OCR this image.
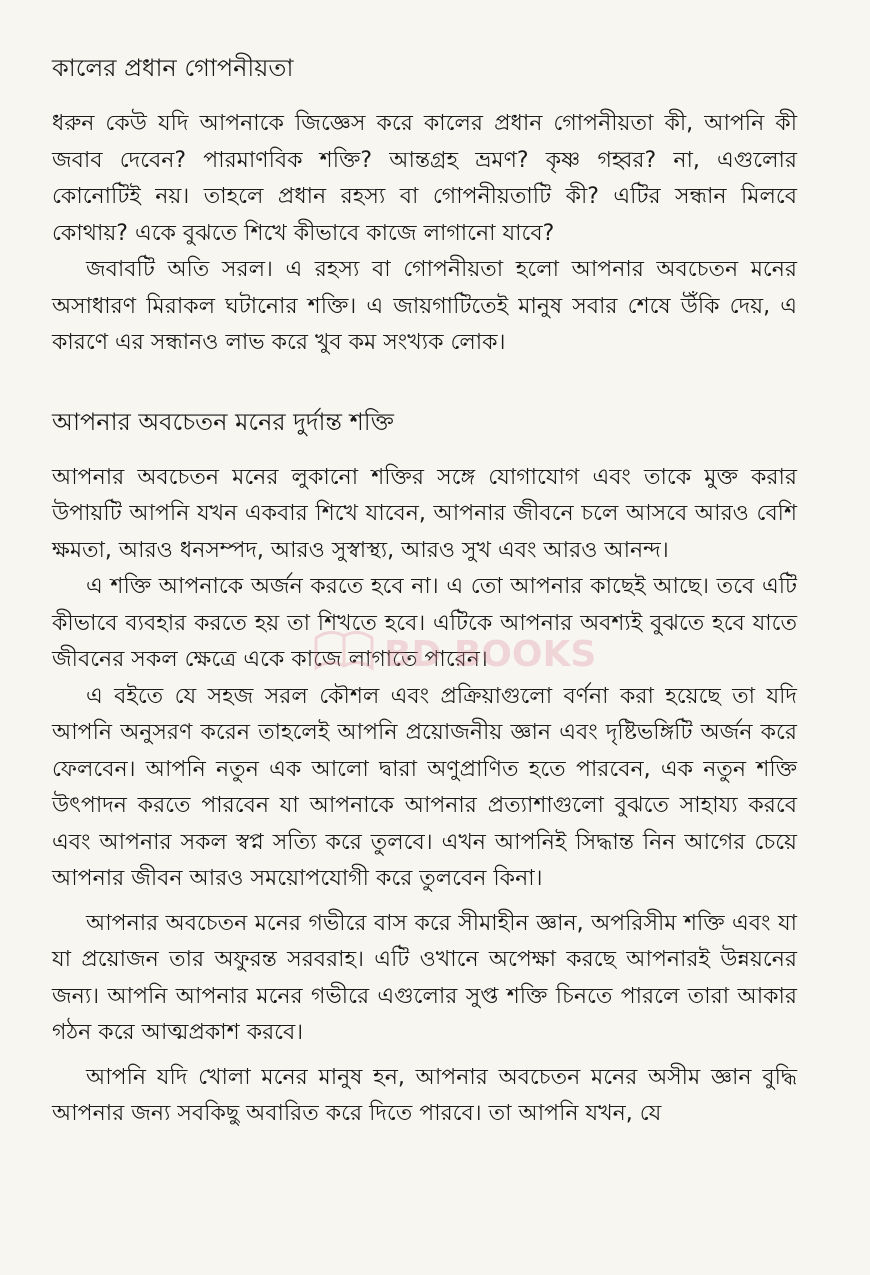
কালের প্রধান গোপনীয়তা

ধরুন কেউ যদি আপনাকে জিজ্ঞেস করে কালের প্রধান গোপনীয়তা কী, আপনি কী জবাব দেবেন? পারমাণবিক শক্তি? আন্তগ্রহ ভ্রমণ? কৃষ্ণ গহ্বর? না, এগুলোর কোনোটিই নয়। তাহলে প্রধান রহস্য বা গোপনীয়তাটি কী? এটির সন্ধান মিলবে কোথায়? একে বুঝতে শিখে কীভাবে কাজে লাগানো যাবে?

জবাবটি অতি সরল। এ রহস্য বা গোপনীয়তা হলো আপনার অবচেতন মনের অসাধারণ মিরাকল ঘটানোর শক্তি। এ জায়গাটিতেই মানুষ সবার শেষে উঁকি দেয়, এ কারণে এর সন্ধানও লাভ করে খুব কম সংখ্যক লোক।

আপনার অবচেতন মনের দুর্দান্ত শক্তি

আপনার অবচেতন মনের লুকানো শক্তির সঙ্গে যোগাযোগ এবং তাকে মুক্ত করার উপায়টি আপনি যখন একবার শিখে যাবেন, আপনার জীবনে চলে আসবে আরও বেশি ক্ষমতা, আরও ধনসম্পদ, আরও সুস্বাস্থ্য, আরও সুখ এবং আরও আনন্দ।

এ শক্তি আপনাকে অর্জন করতে হবে না। এ তো আপনার কাছেই আছে। তবে এটি কীভাবে ব্যবহার করতে হয় তা শিখতে হবে। এটিকে আপনার অবশ্যই বুঝতে হবে যাতে জীবনের সকল ক্ষেত্রে একে কাজে লাগাতে পারেন।

এ বইতে যে সহজ সরল কৌশল এবং প্রক্রিয়াগুলো বর্ণনা করা হয়েছে তা যদি আপনি অনুসরণ করেন তাহলেই আপনি প্রয়োজনীয় জ্ঞান এবং দৃষ্টিভঙ্গিটি অর্জন করে ফেলবেন। আপনি নতুন এক আলো দ্বারা অণুপ্রাণিত হতে পারবেন, এক নতুন শক্তি উৎপাদন করতে পারবেন যা আপনাকে আপনার প্রত্যাশাগুলো বুঝতে সাহায্য করবে এবং আপনার সকল স্বপ্ন সত্যি করে তুলবে। এখন আপনিই সিদ্ধান্ত নিন আগের চেয়ে আপনার জীবন আরও সময়োপযোগী করে তুলবেন কিনা।

আপনার অবচেতন মনের গভীরে বাস করে সীমাহীন জ্ঞান, অপরিসীম শক্তি এবং যা যা প্রয়োজন তার অফুরন্ত সরবরাহ। এটি ওখানে অপেক্ষা করছে আপনারই উন্নয়নের জন্য। আপনি আপনার মনের গভীরে এগুলোর সুপ্ত শক্তি চিনতে পারলে তারা আকার গঠন করে আত্মপ্রকাশ করবে।

আপনি যদি খোলা মনের মানুষ হন, আপনার অবচেতন মনের অসীম জ্ঞান বুদ্ধি আপনার জন্য সবকিছু অবারিত করে দিতে পারবে। তা আপনি যখন, যে

BD BOOKS
